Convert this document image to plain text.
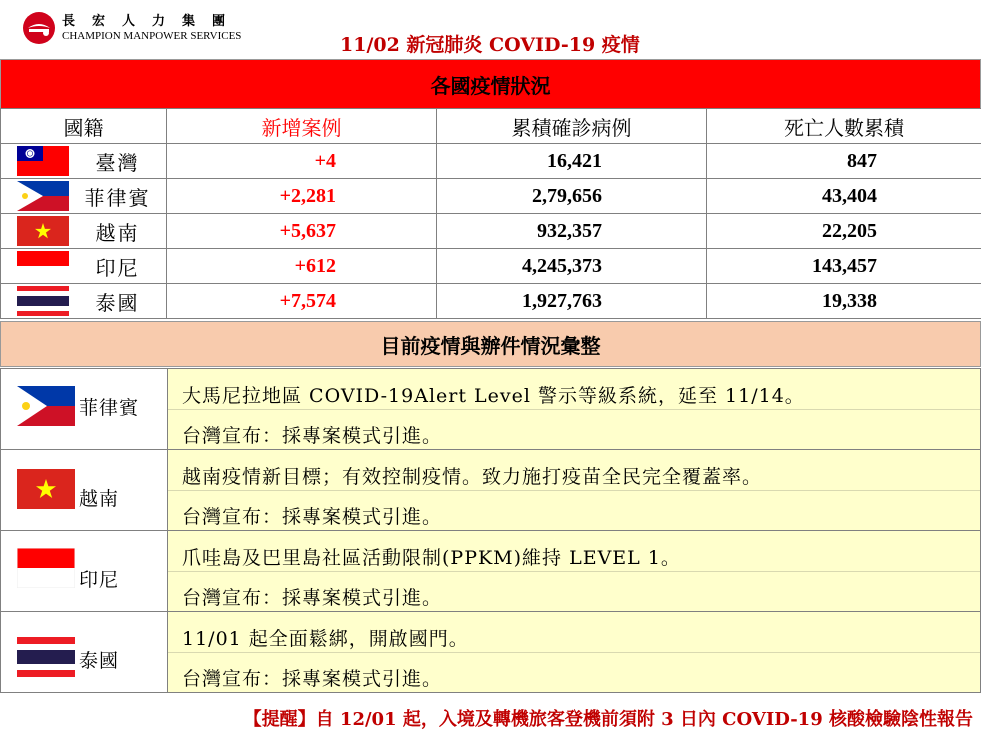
長宏人力集團
CHAMPION MANPOWER SERVICES	11/02 新冠肺炎 COVID-19 疫情
各國疫情狀況
國籍	新增案例	累積確診病例	死亡人數累積

臺灣	+4	16,421	847

菲律賓	+2,281	2,79,656	43,404

越南	+5,637	932,357	22,205

印尼	+612	4,245,373	143,457

泰國	+7,574	1,927,763	19,338
目前疫情與辦件情況彙整
菲律賓
大馬尼拉地區 COVID-19Alert Level 警示等級系統，延至 11/14。
台灣宣布：採專案模式引進。
越南
越南疫情新目標；有效控制疫情。致力施打疫苗全民完全覆蓋率。
台灣宣布：採專案模式引進。
印尼
爪哇島及巴里島社區活動限制(PPKM)維持 LEVEL 1。
台灣宣布：採專案模式引進。
泰國
11/01 起全面鬆綁，開啟國門。
台灣宣布：採專案模式引進。
【提醒】自 12/01 起，入境及轉機旅客登機前須附 3 日內 COVID-19 核酸檢驗陰性報告
